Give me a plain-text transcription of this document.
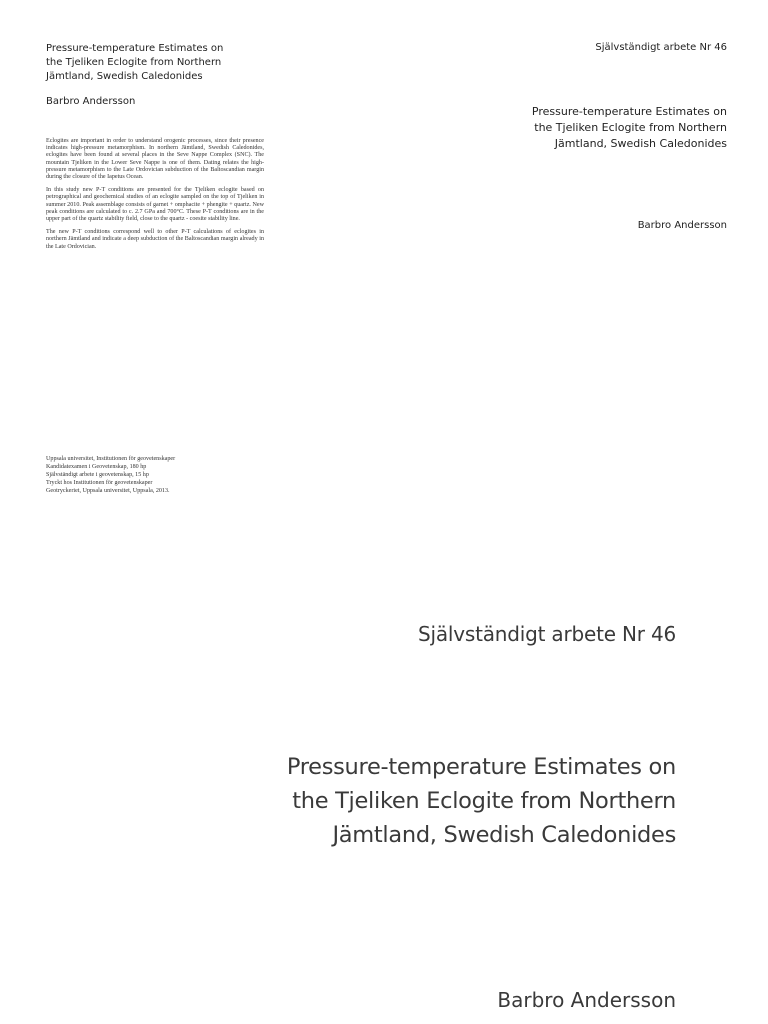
Pressure-temperature Estimates on
the Tjeliken Eclogite from Northern
Jämtland, Swedish Caledonides
Barbro Andersson

Eclogites are important in order to understand orogenic processes, since their presence indicates high-pressure metamorphism. In northern Jämtland, Swedish Caledonides, eclogites have been found at several places in the Seve Nappe Complex (SNC). The mountain Tjeliken in the Lower Seve Nappe is one of them. Dating relates the high-pressure metamorphism to the Late Ordovician subduction of the Baltoscandian margin during the closure of the Iapetus Ocean.

In this study new P-T conditions are presented for the Tjeliken eclogite based on petrographical and geochemical studies of an eclogite sampled on the top of Tjeliken in summer 2010. Peak assemblage consists of garnet + omphacite + phengite + quartz. New peak conditions are calculated to c. 2.7 GPa and 700°C. These P-T conditions are in the upper part of the quartz stability field, close to the quartz - coesite stability line.

The new P-T conditions correspond well to other P-T calculations of eclogites in northern Jämtland and indicate a deep subduction of the Baltoscandian margin already in the Late Ordovician.

Uppsala universitet, Institutionen för geovetenskaper
Kandidatexamen i Geovetenskap, 180 hp
Självständigt arbete i geovetenskap, 15 hp
Tryckt hos Institutionen för geovetenskaper
Geotryckeriet, Uppsala universitet, Uppsala, 2013.
Självständigt arbete Nr 46
Pressure-temperature Estimates on
the Tjeliken Eclogite from Northern
Jämtland, Swedish Caledonides
Barbro Andersson
Självständigt arbete Nr 46
Pressure-temperature Estimates on
the Tjeliken Eclogite from Northern
Jämtland, Swedish Caledonides
Barbro Andersson
